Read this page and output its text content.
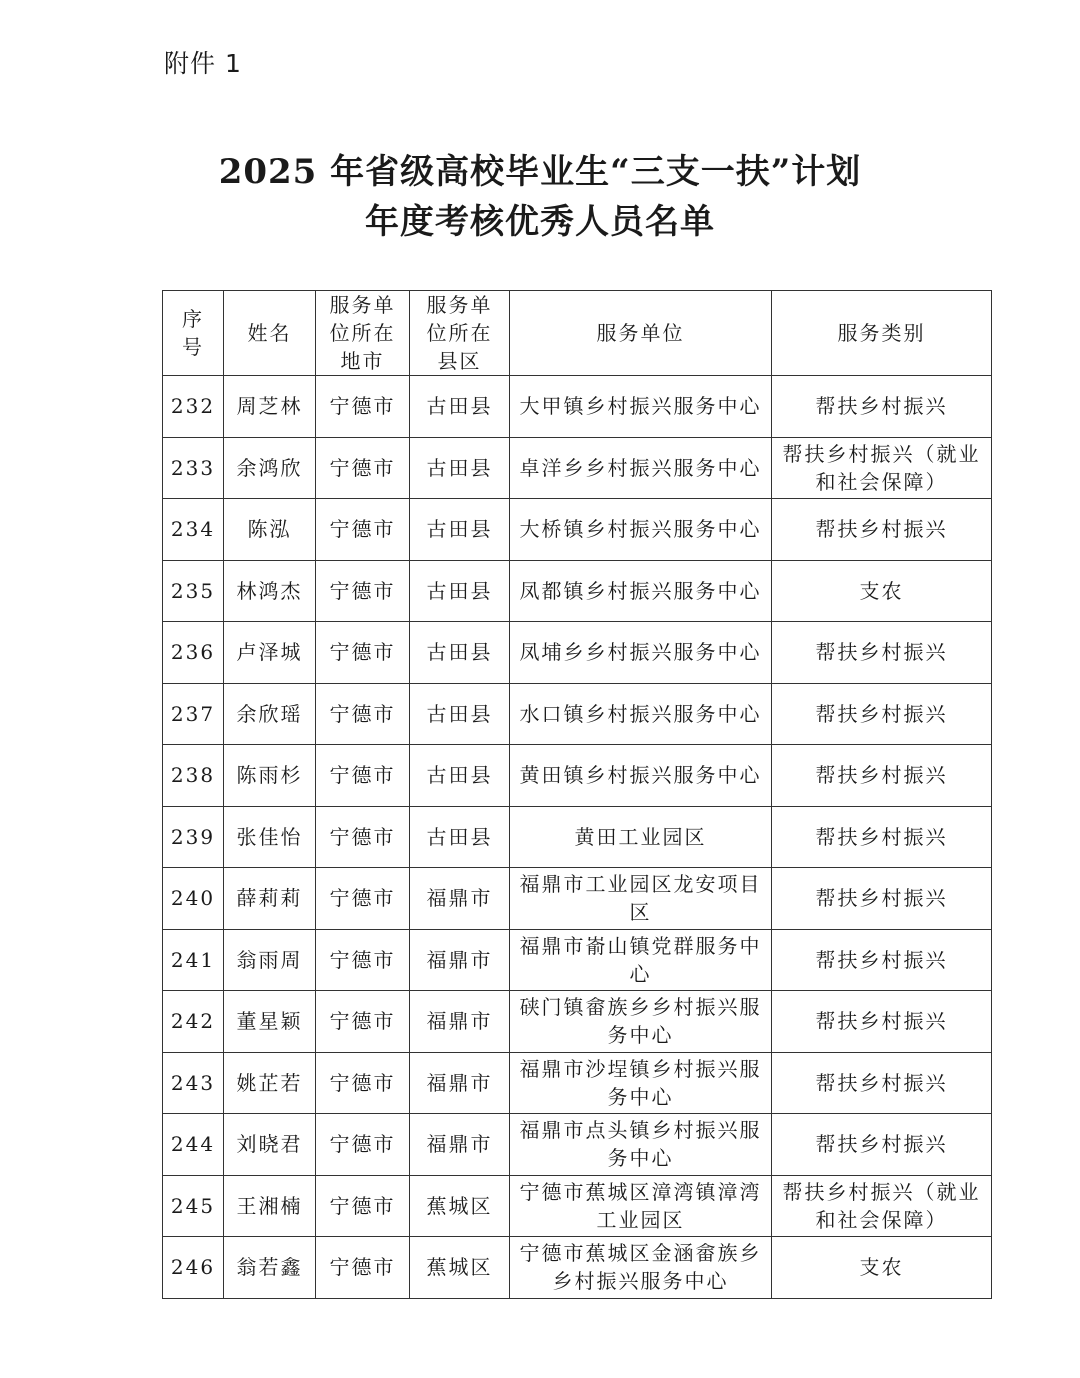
附件 1
2025 年省级高校毕业生“三支一扶”计划
年度考核优秀人员名单
序号	姓名	服务单位所在地市	服务单位所在县区	服务单位	服务类别
232	周芝林	宁德市	古田县	大甲镇乡村振兴服务中心	帮扶乡村振兴
233	余鸿欣	宁德市	古田县	卓洋乡乡村振兴服务中心	帮扶乡村振兴（就业和社会保障）
234	陈泓	宁德市	古田县	大桥镇乡村振兴服务中心	帮扶乡村振兴
235	林鸿杰	宁德市	古田县	凤都镇乡村振兴服务中心	支农
236	卢泽城	宁德市	古田县	凤埔乡乡村振兴服务中心	帮扶乡村振兴
237	余欣瑶	宁德市	古田县	水口镇乡村振兴服务中心	帮扶乡村振兴
238	陈雨杉	宁德市	古田县	黄田镇乡村振兴服务中心	帮扶乡村振兴
239	张佳怡	宁德市	古田县	黄田工业园区	帮扶乡村振兴
240	薛莉莉	宁德市	福鼎市	福鼎市工业园区龙安项目区	帮扶乡村振兴
241	翁雨周	宁德市	福鼎市	福鼎市嵛山镇党群服务中心	帮扶乡村振兴
242	董星颖	宁德市	福鼎市	硖门镇畲族乡乡村振兴服务中心	帮扶乡村振兴
243	姚芷若	宁德市	福鼎市	福鼎市沙埕镇乡村振兴服务中心	帮扶乡村振兴
244	刘晓君	宁德市	福鼎市	福鼎市点头镇乡村振兴服务中心	帮扶乡村振兴
245	王湘楠	宁德市	蕉城区	宁德市蕉城区漳湾镇漳湾工业园区	帮扶乡村振兴（就业和社会保障）
246	翁若鑫	宁德市	蕉城区	宁德市蕉城区金涵畲族乡乡村振兴服务中心	支农
